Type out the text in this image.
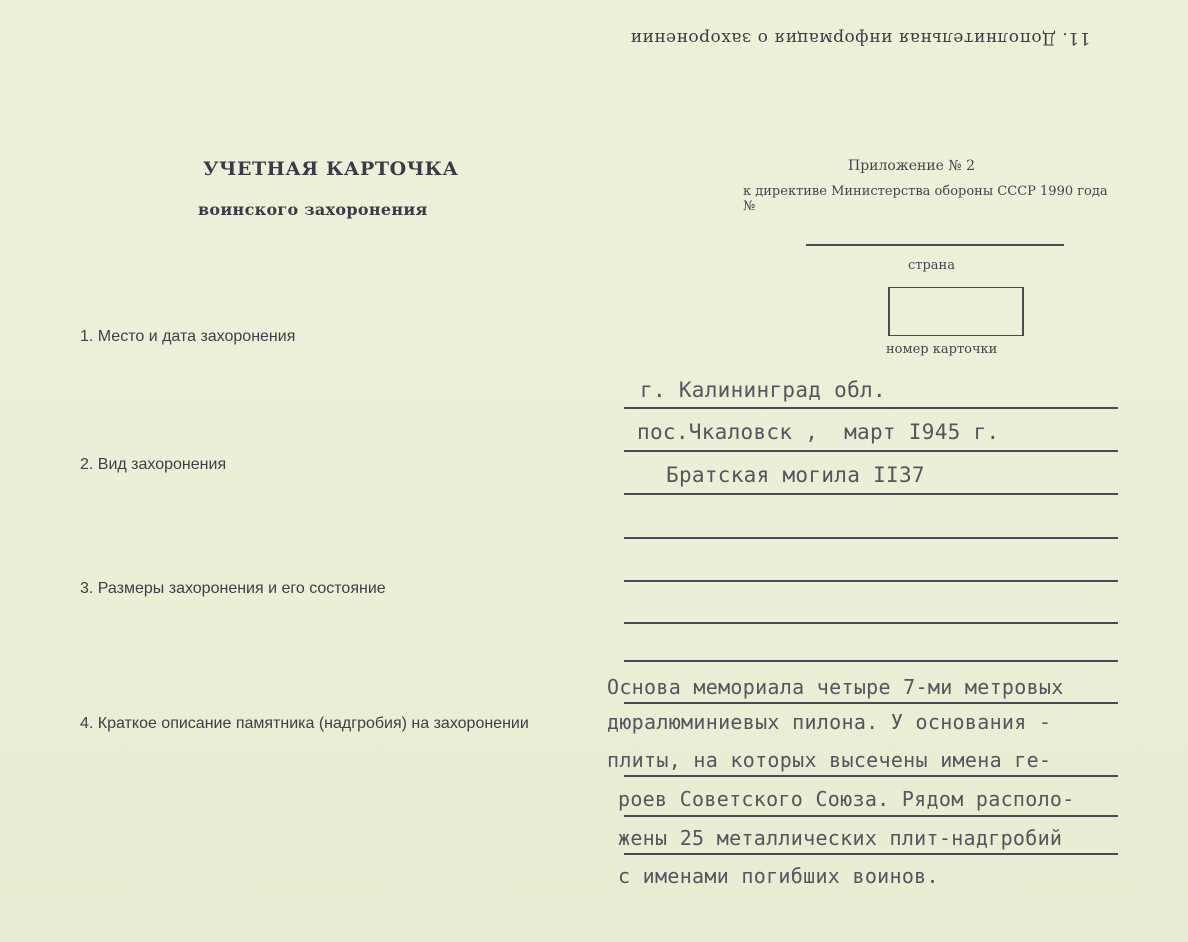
11. Дополнительная информация о захоронении
УЧЕТНАЯ КАРТОЧКА
воинского захоронения
Приложение № 2
к директиве Министерства обороны СССР 1990 года №
страна
номер карточки
1. Место и дата захоронения
2. Вид захоронения
3. Размеры захоронения и его состояние
4. Краткое описание памятника (надгробия) на захоронении
г. Калининград обл.
пос.Чкаловск ,  март I945 г.
Братская могила II37
Основа мемориала четыре 7-ми метровых
дюралюминиевых пилона. У основания -
плиты, на которых высечены имена ге-
роев Советского Союза. Рядом располо-
жены 25 металлических плит-надгробий
с именами погибших воинов.
